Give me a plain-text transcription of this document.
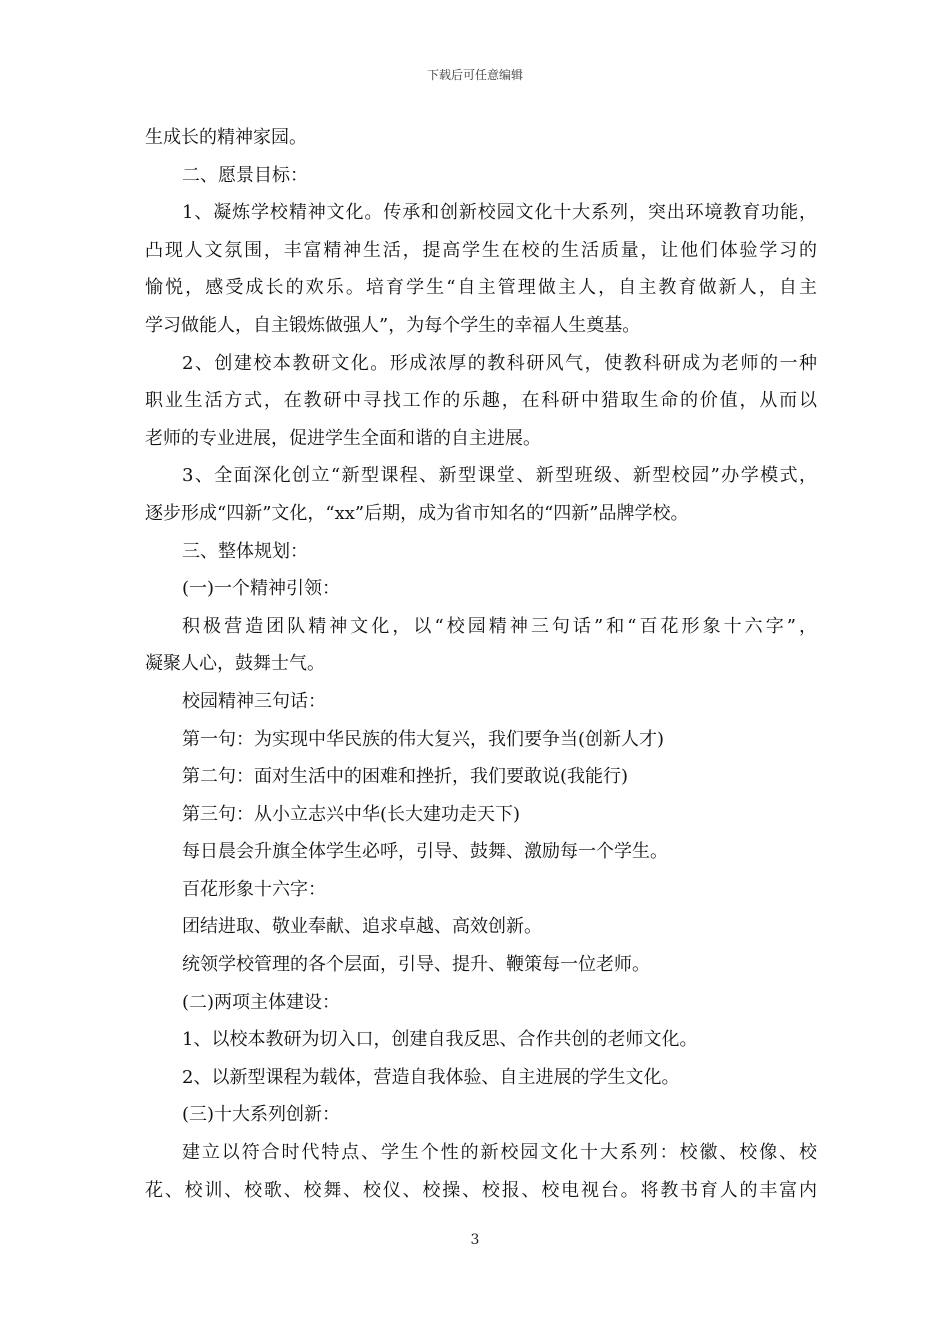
下载后可任意编辑
生成长的精神家园。
二、愿景目标：
1、凝炼学校精神文化。传承和创新校园文化十大系列，突出环境教育功能，
凸现人文氛围，丰富精神生活，提高学生在校的生活质量，让他们体验学习的
愉悦，感受成长的欢乐。培育学生“自主管理做主人，自主教育做新人，自主
学习做能人，自主锻炼做强人”，为每个学生的幸福人生奠基。
2、创建校本教研文化。形成浓厚的教科研风气，使教科研成为老师的一种
职业生活方式，在教研中寻找工作的乐趣，在科研中猎取生命的价值，从而以
老师的专业进展，促进学生全面和谐的自主进展。
3、全面深化创立“新型课程、新型课堂、新型班级、新型校园”办学模式，
逐步形成“四新”文化，“xx”后期，成为省市知名的“四新”品牌学校。
三、整体规划：
(一)一个精神引领：
积极营造团队精神文化，以“校园精神三句话”和“百花形象十六字”，
凝聚人心，鼓舞士气。
校园精神三句话：
第一句：为实现中华民族的伟大复兴，我们要争当(创新人才)
第二句：面对生活中的困难和挫折，我们要敢说(我能行)
第三句：从小立志兴中华(长大建功走天下)
每日晨会升旗全体学生必呼，引导、鼓舞、激励每一个学生。
百花形象十六字：
团结进取、敬业奉献、追求卓越、高效创新。
统领学校管理的各个层面，引导、提升、鞭策每一位老师。
(二)两项主体建设：
1、以校本教研为切入口，创建自我反思、合作共创的老师文化。
2、以新型课程为载体，营造自我体验、自主进展的学生文化。
(三)十大系列创新：
建立以符合时代特点、学生个性的新校园文化十大系列：校徽、校像、校
花、校训、校歌、校舞、校仪、校操、校报、校电视台。将教书育人的丰富内
3
